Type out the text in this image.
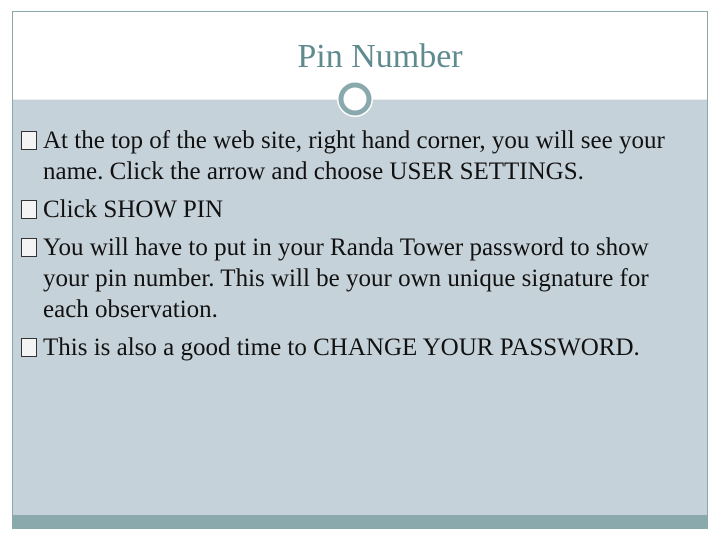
Pin Number
At the top of the web site, right hand corner, you will see your name. Click the arrow and choose USER SETTINGS.
Click SHOW PIN
You will have to put in your Randa Tower password to show your pin number. This will be your own unique signature for each observation.
This is also a good time to CHANGE YOUR PASSWORD.
